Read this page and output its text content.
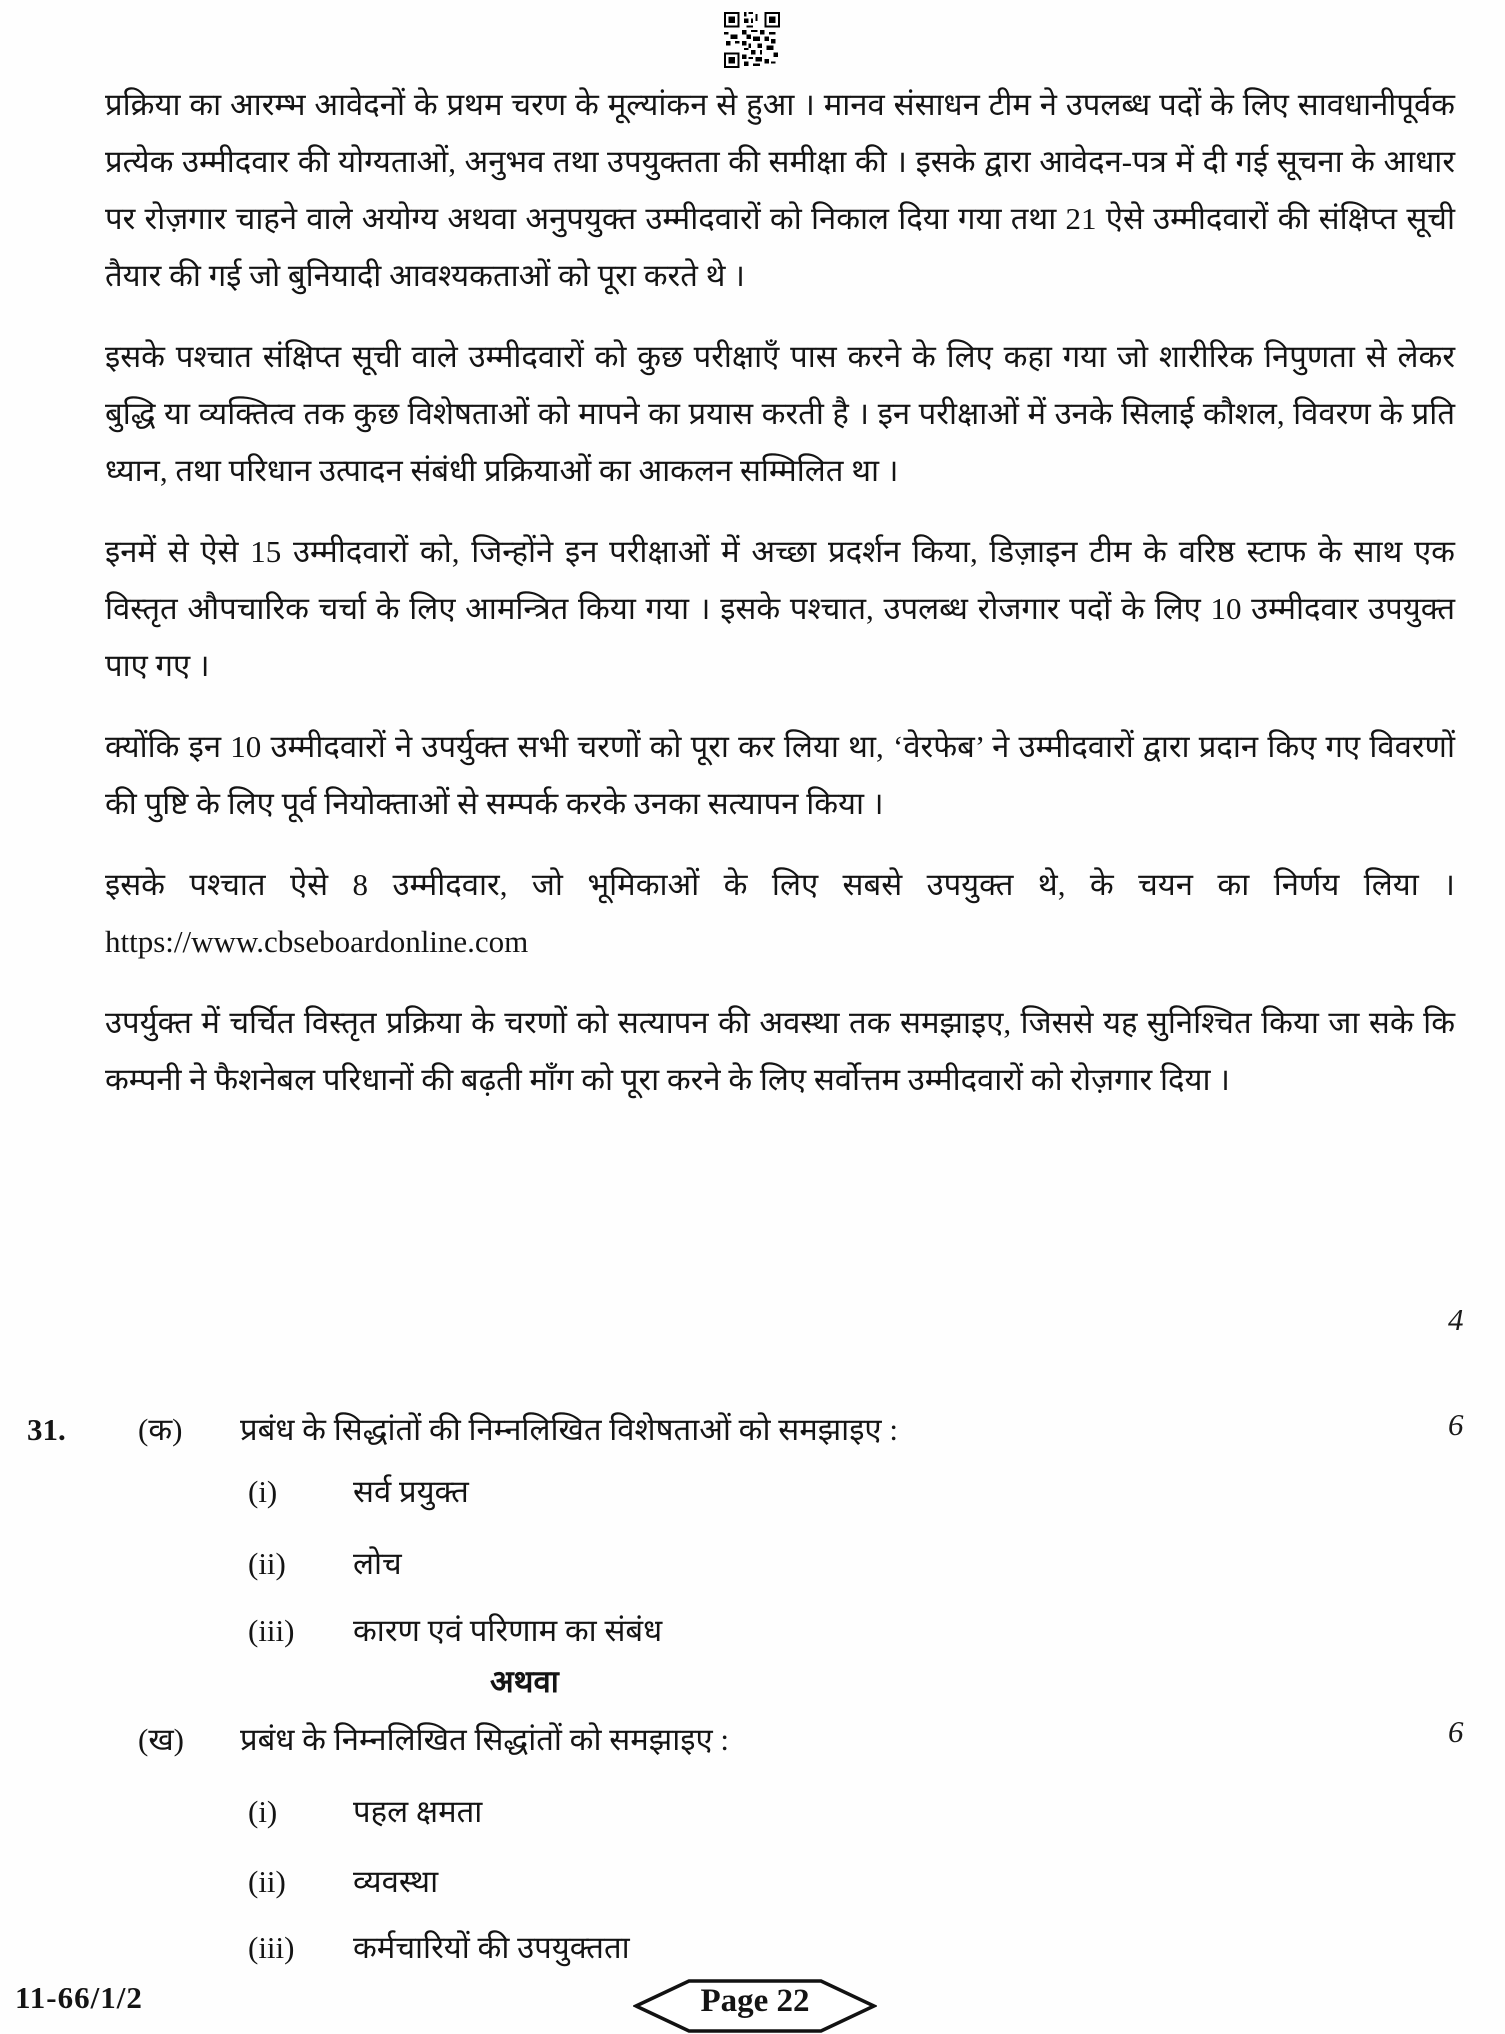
प्रक्रिया का आरम्भ आवेदनों के प्रथम चरण के मूल्यांकन से हुआ । मानव संसाधन टीम ने उपलब्ध पदों के लिए सावधानीपूर्वक प्रत्येक उम्मीदवार की योग्यताओं, अनुभव तथा उपयुक्तता की समीक्षा की । इसके द्वारा आवेदन-पत्र में दी गई सूचना के आधार पर रोज़गार चाहने वाले अयोग्य अथवा अनुपयुक्त उम्मीदवारों को निकाल दिया गया तथा 21 ऐसे उम्मीदवारों की संक्षिप्त सूची तैयार की गई जो बुनियादी आवश्यकताओं को पूरा करते थे ।

इसके पश्चात संक्षिप्त सूची वाले उम्मीदवारों को कुछ परीक्षाएँ पास करने के लिए कहा गया जो शारीरिक निपुणता से लेकर बुद्धि या व्यक्तित्व तक कुछ विशेषताओं को मापने का प्रयास करती है । इन परीक्षाओं में उनके सिलाई कौशल, विवरण के प्रति ध्यान, तथा परिधान उत्पादन संबंधी प्रक्रियाओं का आकलन सम्मिलित था ।

इनमें से ऐसे 15 उम्मीदवारों को, जिन्होंने इन परीक्षाओं में अच्छा प्रदर्शन किया, डिज़ाइन टीम के वरिष्ठ स्टाफ के साथ एक विस्तृत औपचारिक चर्चा के लिए आमन्त्रित किया गया । इसके पश्चात, उपलब्ध रोजगार पदों के लिए 10 उम्मीदवार उपयुक्त पाए गए ।

क्योंकि इन 10 उम्मीदवारों ने उपर्युक्त सभी चरणों को पूरा कर लिया था, ‘वेरफेब’ ने उम्मीदवारों द्वारा प्रदान किए गए विवरणों की पुष्टि के लिए पूर्व नियोक्ताओं से सम्पर्क करके उनका सत्यापन किया ।

इसके पश्चात ऐसे 8 उम्मीदवार, जो भूमिकाओं के लिए सबसे उपयुक्त थे, के चयन का निर्णय लिया । https://www.cbseboardonline.com

उपर्युक्त में चर्चित विस्तृत प्रक्रिया के चरणों को सत्यापन की अवस्था तक समझाइए, जिससे यह सुनिश्चित किया जा सके कि कम्पनी ने फैशनेबल परिधानों की बढ़ती माँग को पूरा करने के लिए सर्वोत्तम उम्मीदवारों को रोज़गार दिया ।

4
6
6
31. (क) प्रबंध के सिद्धांतों की निम्नलिखित विशेषताओं को समझाइए :
(i) सर्व प्रयुक्त
(ii) लोच
(iii) कारण एवं परिणाम का संबंध
अथवा
(ख) प्रबंध के निम्नलिखित सिद्धांतों को समझाइए :
(i) पहल क्षमता
(ii) व्यवस्था
(iii) कर्मचारियों की उपयुक्तता
11-66/1/2	Page 22
